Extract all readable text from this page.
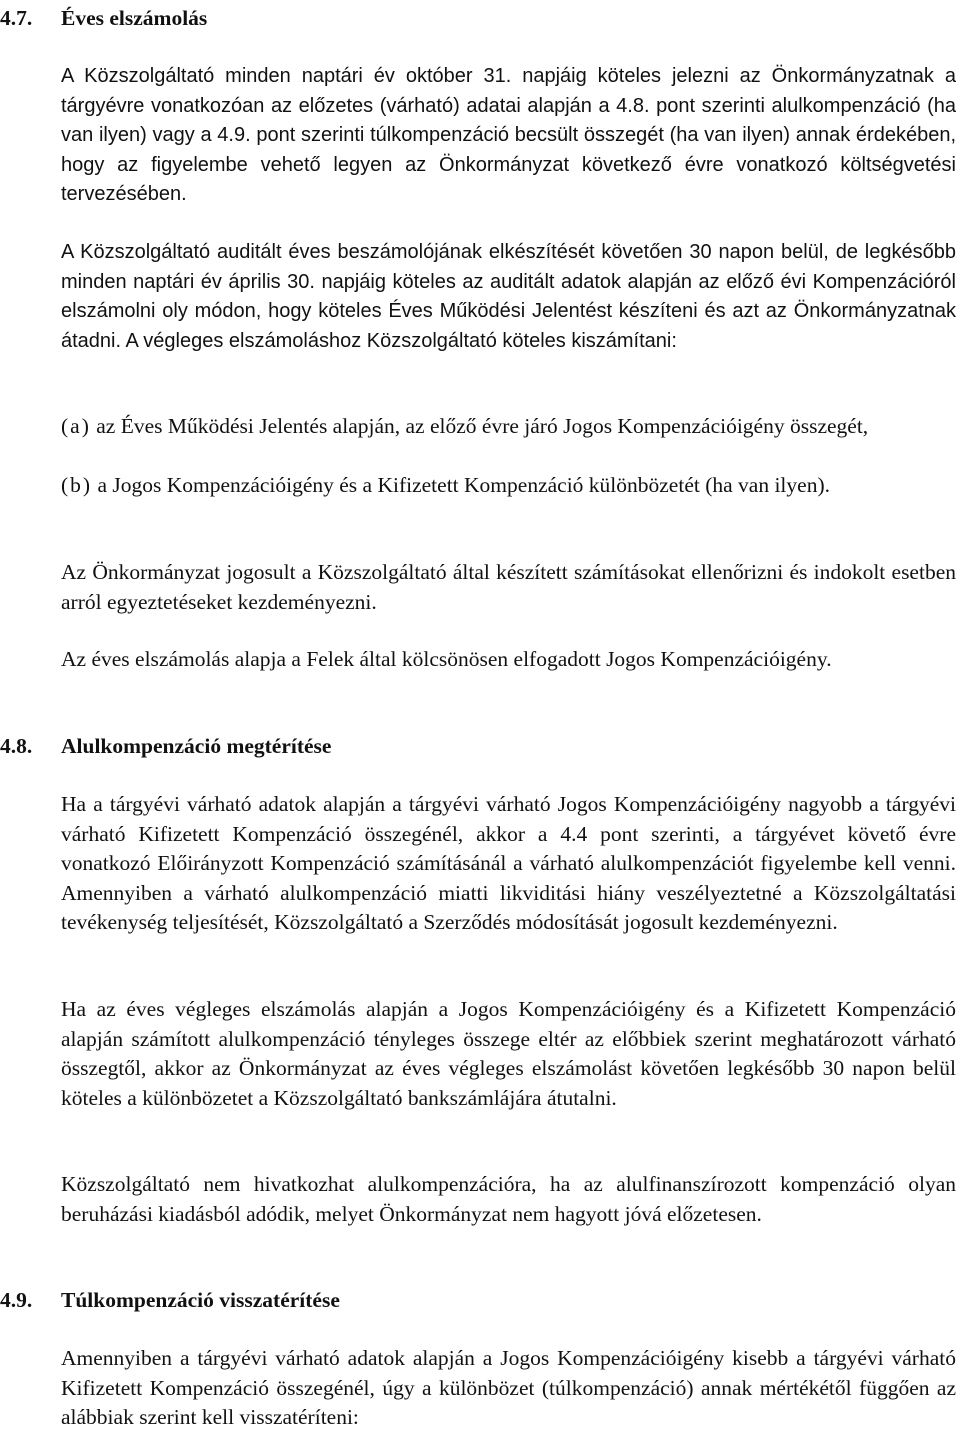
4.7. Éves elszámolás

A Közszolgáltató minden naptári év október 31. napjáig köteles jelezni az Önkormányzatnak a tárgyévre vonatkozóan az előzetes (várható) adatai alapján a 4.8. pont szerinti alulkompenzáció (ha van ilyen) vagy a 4.9. pont szerinti túlkompenzáció becsült összegét (ha van ilyen) annak érdekében, hogy az figyelembe vehető legyen az Önkormányzat következő évre vonatkozó költségvetési tervezésében.

A Közszolgáltató auditált éves beszámolójának elkészítését követően 30 napon belül, de legkésőbb minden naptári év április 30. napjáig köteles az auditált adatok alapján az előző évi Kompenzációról elszámolni oly módon, hogy köteles Éves Működési Jelentést készíteni és azt az Önkormányzatnak átadni. A végleges elszámoláshoz Közszolgáltató köteles kiszámítani:

(a) az Éves Működési Jelentés alapján, az előző évre járó Jogos Kompenzációigény összegét,

(b) a Jogos Kompenzációigény és a Kifizetett Kompenzáció különbözetét (ha van ilyen).

Az Önkormányzat jogosult a Közszolgáltató által készített számításokat ellenőrizni és indokolt esetben arról egyeztetéseket kezdeményezni.

Az éves elszámolás alapja a Felek által kölcsönösen elfogadott Jogos Kompenzációigény.

4.8. Alulkompenzáció megtérítése

Ha a tárgyévi várható adatok alapján a tárgyévi várható Jogos Kompenzációigény nagyobb a tárgyévi várható Kifizetett Kompenzáció összegénél, akkor a 4.4 pont szerinti, a tárgyévet követő évre vonatkozó Előirányzott Kompenzáció számításánál a várható alulkompenzációt figyelembe kell venni. Amennyiben a várható alulkompenzáció miatti likviditási hiány veszélyeztetné a Közszolgáltatási tevékenység teljesítését, Közszolgáltató a Szerződés módosítását jogosult kezdeményezni.

Ha az éves végleges elszámolás alapján a Jogos Kompenzációigény és a Kifizetett Kompenzáció alapján számított alulkompenzáció tényleges összege eltér az előbbiek szerint meghatározott várható összegtől, akkor az Önkormányzat az éves végleges elszámolást követően legkésőbb 30 napon belül köteles a különbözetet a Közszolgáltató bankszámlájára átutalni.

Közszolgáltató nem hivatkozhat alulkompenzációra, ha az alulfinanszírozott kompenzáció olyan beruházási kiadásból adódik, melyet Önkormányzat nem hagyott jóvá előzetesen.

4.9. Túlkompenzáció visszatérítése

Amennyiben a tárgyévi várható adatok alapján a Jogos Kompenzációigény kisebb a tárgyévi várható Kifizetett Kompenzáció összegénél, úgy a különbözet (túlkompenzáció) annak mértékétől függően az alábbiak szerint kell visszatéríteni:
